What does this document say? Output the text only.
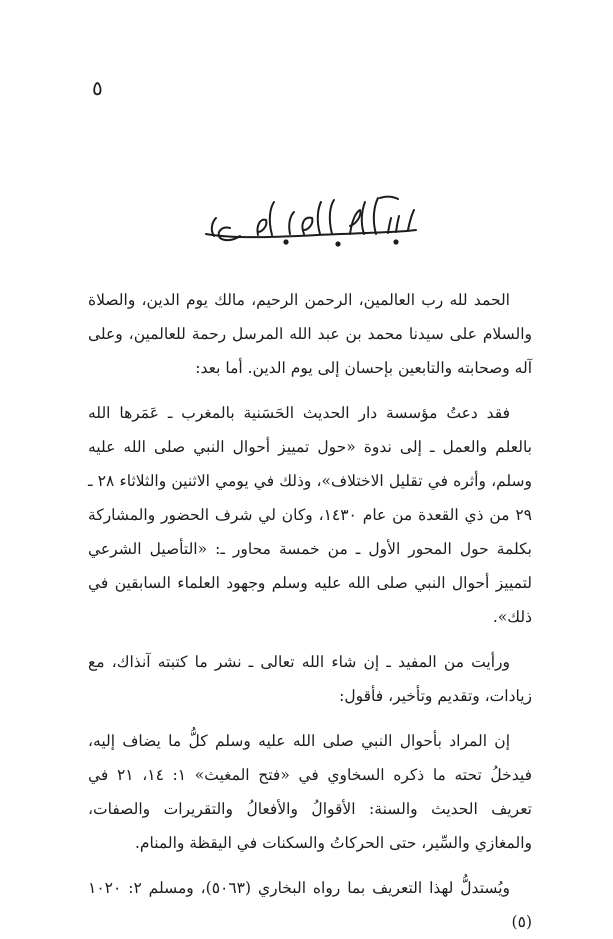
٥

الحمد لله رب العالمين، الرحمن الرحيم، مالك يوم الدين، والصلاة والسلام على سيدنا محمد بن عبد الله المرسل رحمة للعالمين، وعلى آله وصحابته والتابعين بإحسان إلى يوم الدين. أما بعد:

فقد دعتُ مؤسسة دار الحديث الحَسَنية بالمغرب ـ عَمَرها الله بالعلم والعمل ـ إلى ندوة «حول تمييز أحوال النبي صلى الله عليه وسلم، وأثره في تقليل الاختلاف»، وذلك في يومي الاثنين والثلاثاء ٢٨ ـ ٢٩ من ذي القعدة من عام ١٤٣٠، وكان لي شرف الحضور والمشاركة بكلمة حول المحور الأول ـ من خمسة محاور ـ: «التأصيل الشرعي لتمييز أحوال النبي صلى الله عليه وسلم وجهود العلماء السابقين في ذلك».

ورأيت من المفيد ـ إن شاء الله تعالى ـ نشر ما كتبته آنذاك، مع زيادات، وتقديم وتأخير، فأقول:

إن المراد بأحوال النبي صلى الله عليه وسلم كلُّ ما يضاف إليه، فيدخلُ تحته ما ذكره السخاوي في «فتح المغيث» ١: ١٤، ٢١ في تعريف الحديث والسنة: الأقوالُ والأفعالُ والتقريرات والصفات، والمغازي والسِّير، حتى الحركاتُ والسكنات في اليقظة والمنام.

ويُستدلُّ لهذا التعريف بما رواه البخاري (٥٠٦٣)، ومسلم ٢: ١٠٢٠ (٥)
